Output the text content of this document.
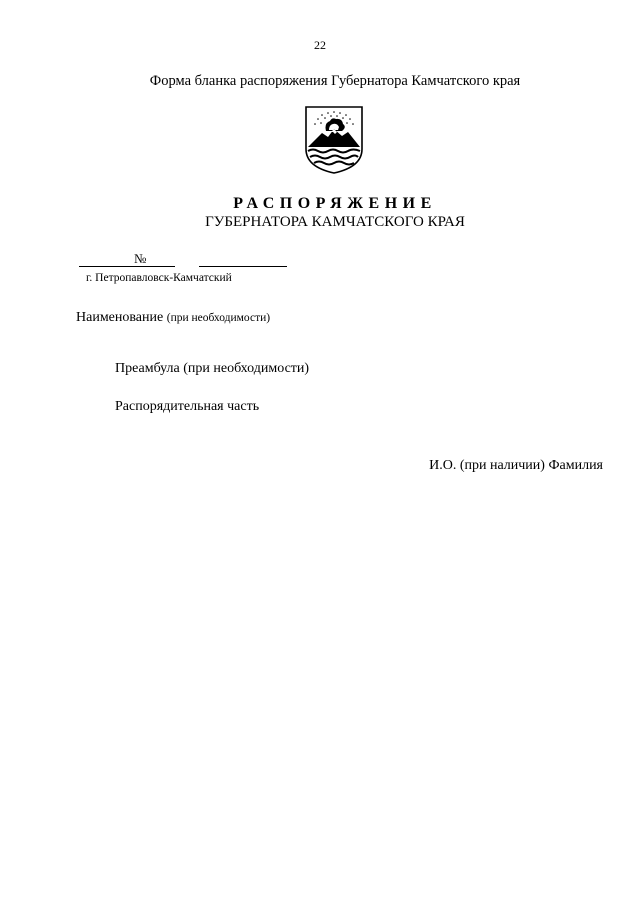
22
Форма бланка распоряжения Губернатора Камчатского края
РАСПОРЯЖЕНИЕ
ГУБЕРНАТОРА КАМЧАТСКОГО КРАЯ
№
г. Петропавловск-Камчатский
Наименование (при необходимости)
Преамбула (при необходимости)
Распорядительная часть
И.О. (при наличии) Фамилия
